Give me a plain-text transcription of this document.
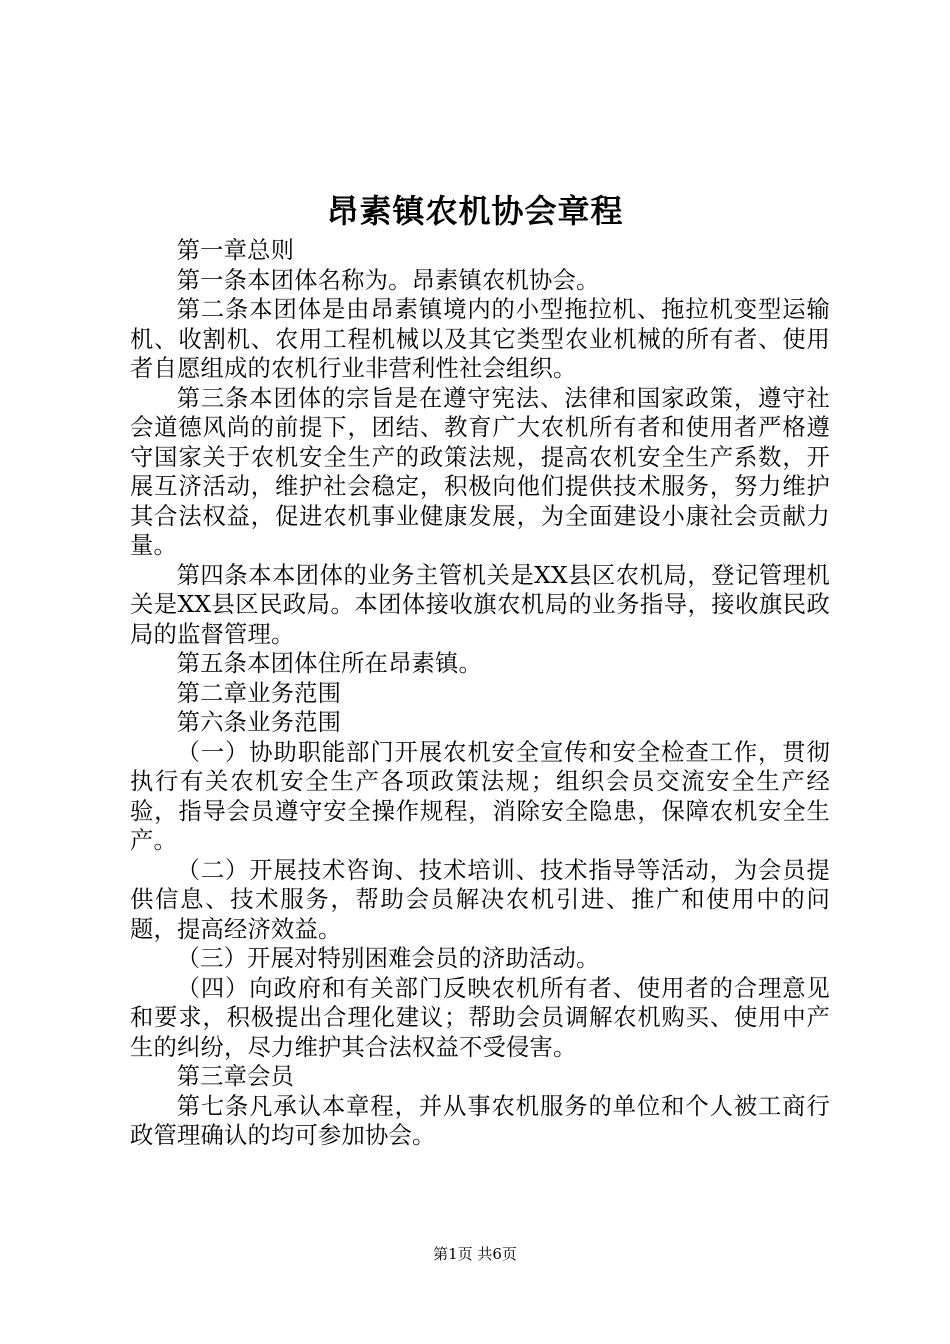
昂素镇农机协会章程

第一章总则

第一条本团体名称为。昂素镇农机协会。

第二条本团体是由昂素镇境内的小型拖拉机、拖拉机变型运输机、收割机、农用工程机械以及其它类型农业机械的所有者、使用者自愿组成的农机行业非营利性社会组织。

第三条本团体的宗旨是在遵守宪法、法律和国家政策，遵守社会道德风尚的前提下，团结、教育广大农机所有者和使用者严格遵守国家关于农机安全生产的政策法规，提高农机安全生产系数，开展互济活动，维护社会稳定，积极向他们提供技术服务，努力维护其合法权益，促进农机事业健康发展，为全面建设小康社会贡献力量。

第四条本本团体的业务主管机关是XX县区农机局，登记管理机关是XX县区民政局。本团体接收旗农机局的业务指导，接收旗民政局的监督管理。

第五条本团体住所在昂素镇。

第二章业务范围

第六条业务范围

（一）协助职能部门开展农机安全宣传和安全检查工作，贯彻执行有关农机安全生产各项政策法规；组织会员交流安全生产经验，指导会员遵守安全操作规程，消除安全隐患，保障农机安全生产。

（二）开展技术咨询、技术培训、技术指导等活动，为会员提供信息、技术服务，帮助会员解决农机引进、推广和使用中的问题，提高经济效益。

（三）开展对特别困难会员的济助活动。

（四）向政府和有关部门反映农机所有者、使用者的合理意见和要求，积极提出合理化建议；帮助会员调解农机购买、使用中产生的纠纷，尽力维护其合法权益不受侵害。

第三章会员

第七条凡承认本章程，并从事农机服务的单位和个人被工商行政管理确认的均可参加协会。

第1页 共6页
